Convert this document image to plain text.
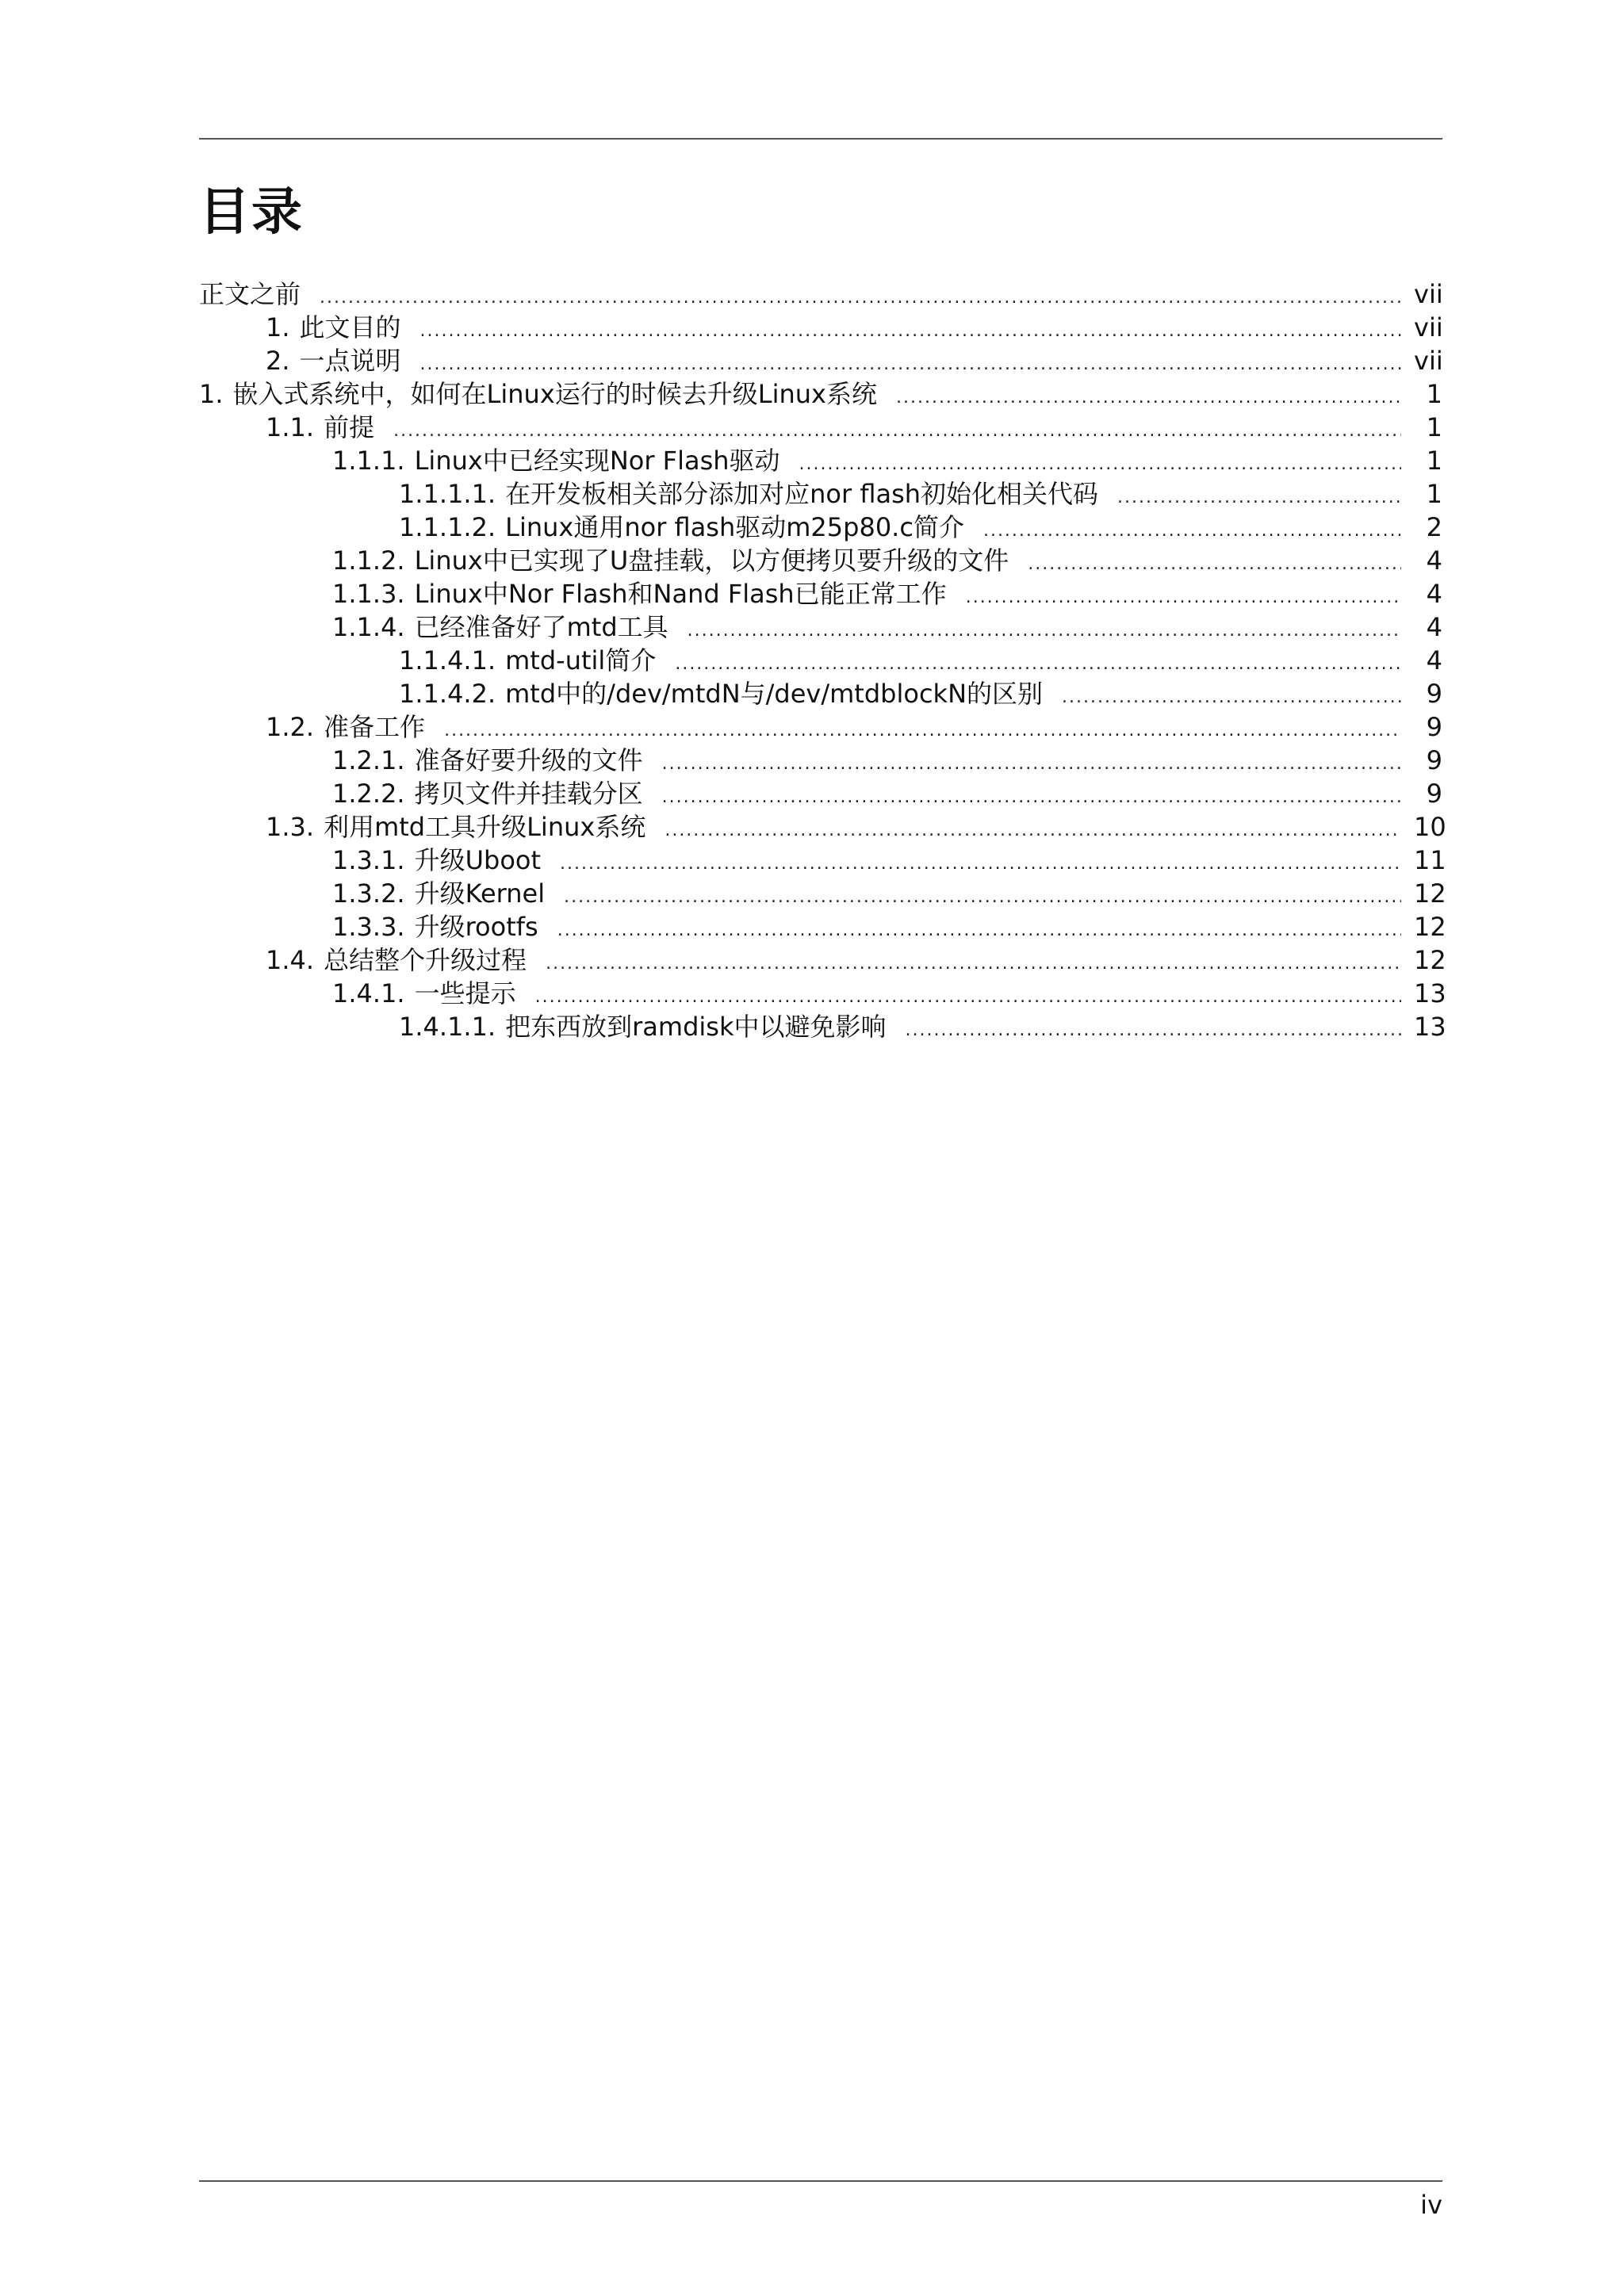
目录
正文之前 .....	vii
1. 此文目的 .....	vii
2. 一点说明 .....	vii
1. 嵌入式系统中，如何在Linux运行的时候去升级Linux系统 .....	1
1.1. 前提 .....	1
1.1.1. Linux中已经实现Nor Flash驱动 .....	1
1.1.1.1. 在开发板相关部分添加对应nor flash初始化相关代码 .....	1
1.1.1.2. Linux通用nor flash驱动m25p80.c简介 .....	2
1.1.2. Linux中已实现了U盘挂载，以方便拷贝要升级的文件 .....	4
1.1.3. Linux中Nor Flash和Nand Flash已能正常工作 .....	4
1.1.4. 已经准备好了mtd工具 .....	4
1.1.4.1. mtd-util简介 .....	4
1.1.4.2. mtd中的/dev/mtdN与/dev/mtdblockN的区别 .....	9
1.2. 准备工作 .....	9
1.2.1. 准备好要升级的文件 .....	9
1.2.2. 拷贝文件并挂载分区 .....	9
1.3. 利用mtd工具升级Linux系统 .....	10
1.3.1. 升级Uboot .....	11
1.3.2. 升级Kernel .....	12
1.3.3. 升级rootfs .....	12
1.4. 总结整个升级过程 .....	12
1.4.1. 一些提示 .....	13
1.4.1.1. 把东西放到ramdisk中以避免影响 .....	13
iv
